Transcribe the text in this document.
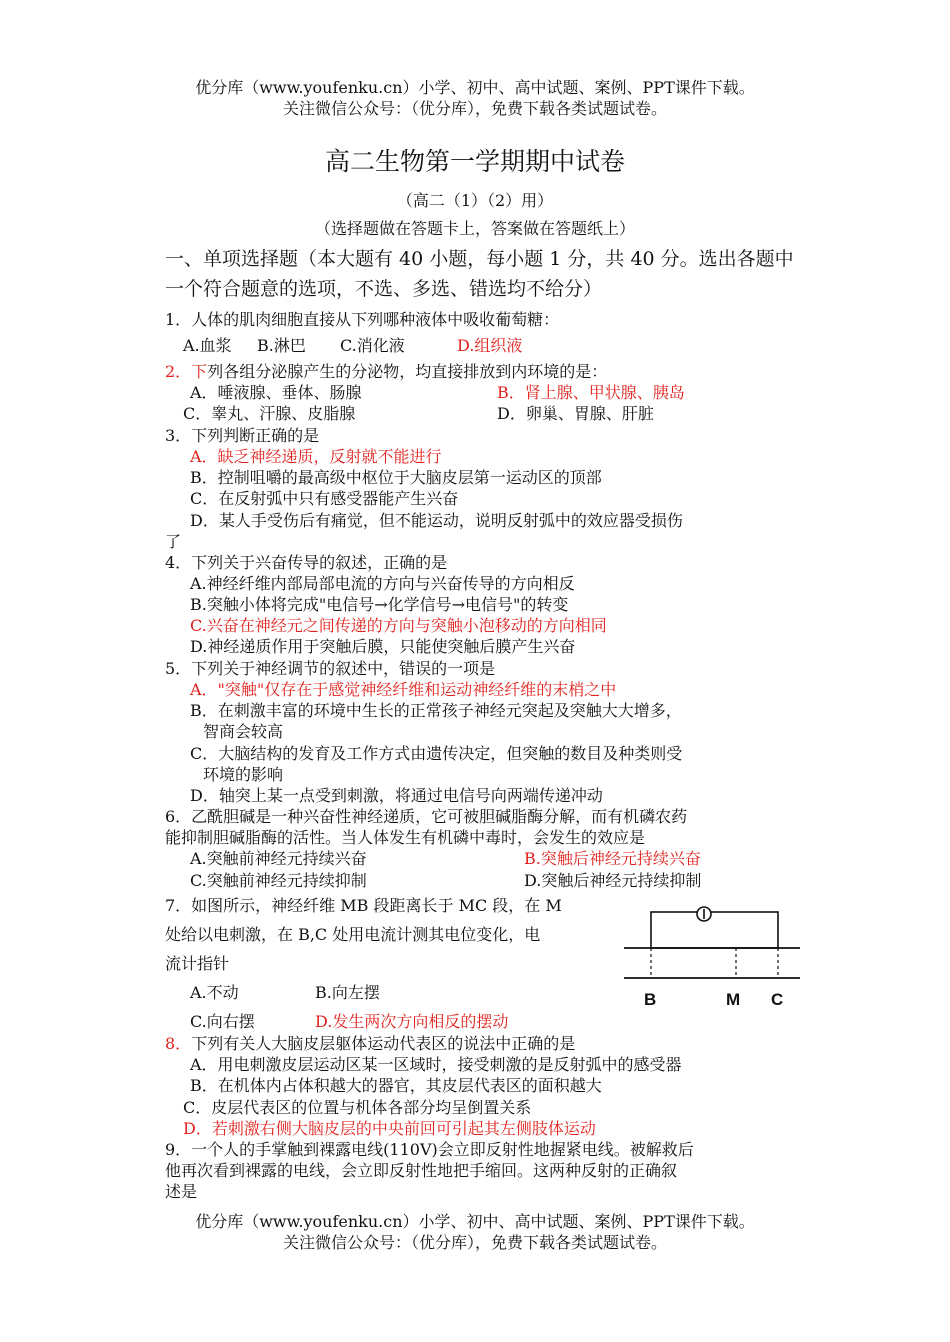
优分库（www.youfenku.cn）小学、初中、高中试题、案例、PPT课件下载。
关注微信公众号：（优分库），免费下载各类试题试卷。
高二生物第一学期期中试卷
（高二（1）（2）用）
（选择题做在答题卡上，答案做在答题纸上）
一、单项选择题（本大题有 40 小题，每小题 1 分，共 40 分。选出各题中一个符合题意的选项，不选、多选、错选均不给分）
1．人体的肌肉细胞直接从下列哪种液体中吸收葡萄糖：
A.血浆 B.淋巴 C.消化液	D.组织液
2．下列各组分泌腺产生的分泌物，均直接排放到内环境的是：
A．唾液腺、垂体、肠腺	B．肾上腺、甲状腺、胰岛
C．睾丸、汗腺、皮脂腺	D．卵巢、胃腺、肝脏
3．下列判断正确的是
A．缺乏神经递质，反射就不能进行
B．控制咀嚼的最高级中枢位于大脑皮层第一运动区的顶部
C．在反射弧中只有感受器能产生兴奋
D．某人手受伤后有痛觉，但不能运动，说明反射弧中的效应器受损伤
了
4．下列关于兴奋传导的叙述，正确的是
A.神经纤维内部局部电流的方向与兴奋传导的方向相反
B.突触小体将完成"电信号→化学信号→电信号"的转变
C.兴奋在神经元之间传递的方向与突触小泡移动的方向相同
D.神经递质作用于突触后膜，只能使突触后膜产生兴奋
5．下列关于神经调节的叙述中，错误的一项是
A．"突触"仅存在于感觉神经纤维和运动神经纤维的末梢之中
B．在刺激丰富的环境中生长的正常孩子神经元突起及突触大大增多，
智商会较高
C．大脑结构的发育及工作方式由遗传决定，但突触的数目及种类则受
环境的影响
D．轴突上某一点受到刺激，将通过电信号向两端传递冲动
6．乙酰胆碱是一种兴奋性神经递质，它可被胆碱脂酶分解，而有机磷农药
能抑制胆碱脂酶的活性。当人体发生有机磷中毒时，会发生的效应是
A.突触前神经元持续兴奋	B.突触后神经元持续兴奋
C.突触前神经元持续抑制	D.突触后神经元持续抑制
7．如图所示，神经纤维 MB 段距离长于 MC 段，在 M
处给以电刺激，在 B,C 处用电流计测其电位变化，电
流计指针
A.不动	B.向左摆
C.向右摆	D.发生两次方向相反的摆动
B	M C
8．下列有关人大脑皮层躯体运动代表区的说法中正确的是
A．用电刺激皮层运动区某一区域时，接受刺激的是反射弧中的感受器
B．在机体内占体积越大的器官，其皮层代表区的面积越大
C．皮层代表区的位置与机体各部分均呈倒置关系
D．若刺激右侧大脑皮层的中央前回可引起其左侧肢体运动
9．一个人的手掌触到裸露电线(110V)会立即反射性地握紧电线。被解救后
他再次看到裸露的电线，会立即反射性地把手缩回。这两种反射的正确叙
述是
优分库（www.youfenku.cn）小学、初中、高中试题、案例、PPT课件下载。
关注微信公众号：（优分库），免费下载各类试题试卷。
